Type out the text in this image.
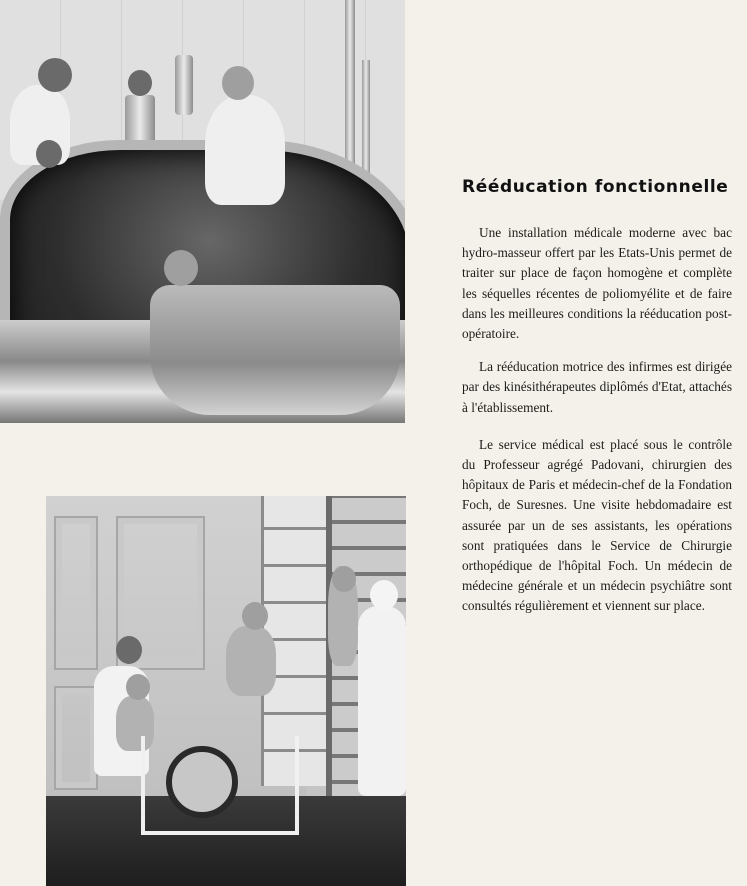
Rééducation fonctionnelle

Une installation médicale moderne avec bac hydro-masseur offert par les Etats-Unis permet de traiter sur place de façon homogène et complète les séquelles récentes de poliomyélite et de faire dans les meilleures conditions la rééducation post-opératoire.

La rééducation motrice des infirmes est dirigée par des kinésithérapeutes diplômés d'Etat, attachés à l'établissement.

Le service médical est placé sous le contrôle du Professeur agrégé Padovani, chirurgien des hôpitaux de Paris et médecin-chef de la Fondation Foch, de Suresnes. Une visite hebdomadaire est assurée par un de ses assistants, les opérations sont pratiquées dans le Service de Chirurgie orthopédique de l'hôpital Foch. Un médecin de médecine générale et un médecin psychiâtre sont consultés régulièrement et viennent sur place.
